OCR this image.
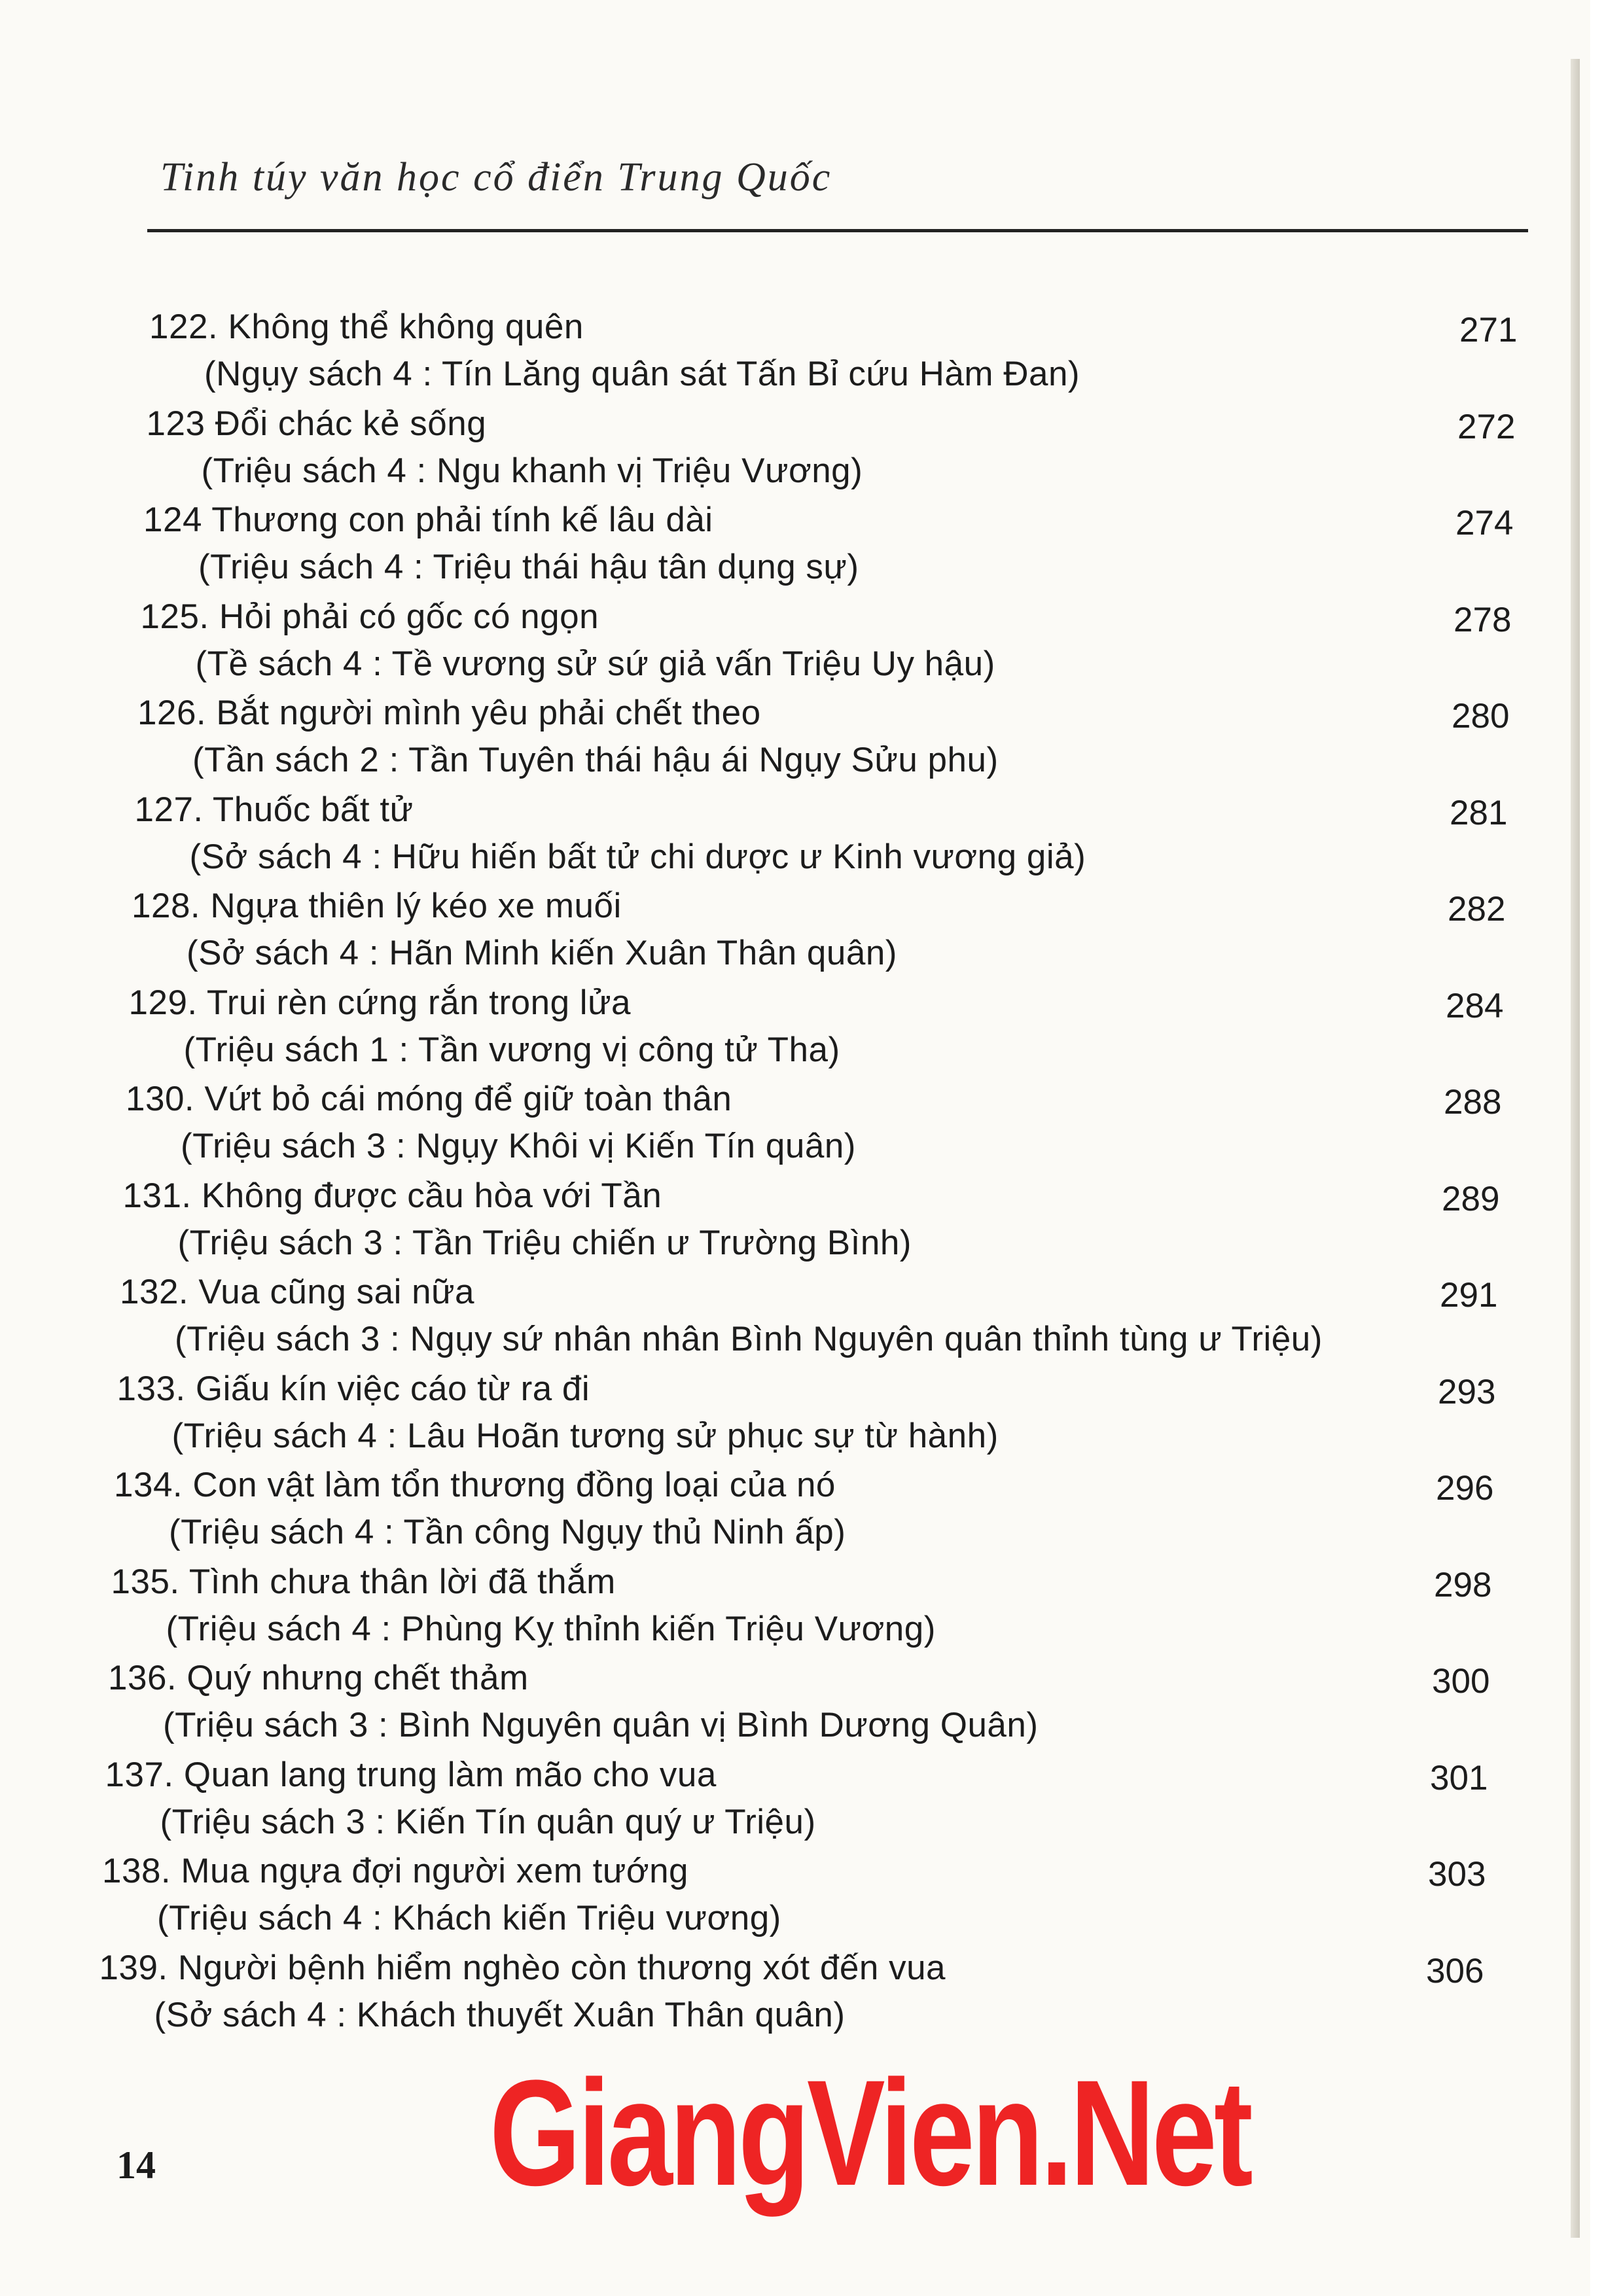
Tinh túy văn học cổ điển Trung Quốc
122. Không thể không quên
(Ngụy sách 4 : Tín Lăng quân sát Tấn Bỉ cứu Hàm Đan)
271
123 Đổi chác kẻ sống
(Triệu sách 4 : Ngu khanh vị Triệu Vương)
272
124 Thương con phải tính kế lâu dài
(Triệu sách 4 : Triệu thái hậu tân dụng sự)
274
125. Hỏi phải có gốc có ngọn
(Tề sách 4 : Tề vương sử sứ giả vấn Triệu Uy hậu)
278
126. Bắt người mình yêu phải chết theo
(Tần sách 2 : Tần Tuyên thái hậu ái Ngụy Sửu phu)
280
127. Thuốc bất tử
(Sở sách 4 : Hữu hiến bất tử chi dược ư Kinh vương giả)
281
128. Ngựa thiên lý kéo xe muối
(Sở sách 4 : Hãn Minh kiến Xuân Thân quân)
282
129. Trui rèn cứng rắn trong lửa
(Triệu sách 1 : Tần vương vị công tử Tha)
284
130. Vứt bỏ cái móng để giữ toàn thân
(Triệu sách 3 : Ngụy Khôi vị Kiến Tín quân)
288
131. Không được cầu hòa với Tần
(Triệu sách 3 : Tần Triệu chiến ư Trường Bình)
289
132. Vua cũng sai nữa
(Triệu sách 3 : Ngụy sứ nhân nhân Bình Nguyên quân thỉnh tùng ư Triệu)
291
133. Giấu kín việc cáo từ ra đi
(Triệu sách 4 : Lâu Hoãn tương sử phục sự từ hành)
293
134. Con vật làm tổn thương đồng loại của nó
(Triệu sách 4 : Tần công Ngụy thủ Ninh ấp)
296
135. Tình chưa thân lời đã thắm
(Triệu sách 4 : Phùng Kỵ thỉnh kiến Triệu Vương)
298
136. Quý nhưng chết thảm
(Triệu sách 3 : Bình Nguyên quân vị Bình Dương Quân)
300
137. Quan lang trung làm mão cho vua
(Triệu sách 3 : Kiến Tín quân quý ư Triệu)
301
138. Mua ngựa đợi người xem tướng
(Triệu sách 4 : Khách kiến Triệu vương)
303
139. Người bệnh hiểm nghèo còn thương xót đến vua
(Sở sách 4 : Khách thuyết Xuân Thân quân)
306
14 GiangVien.Net
